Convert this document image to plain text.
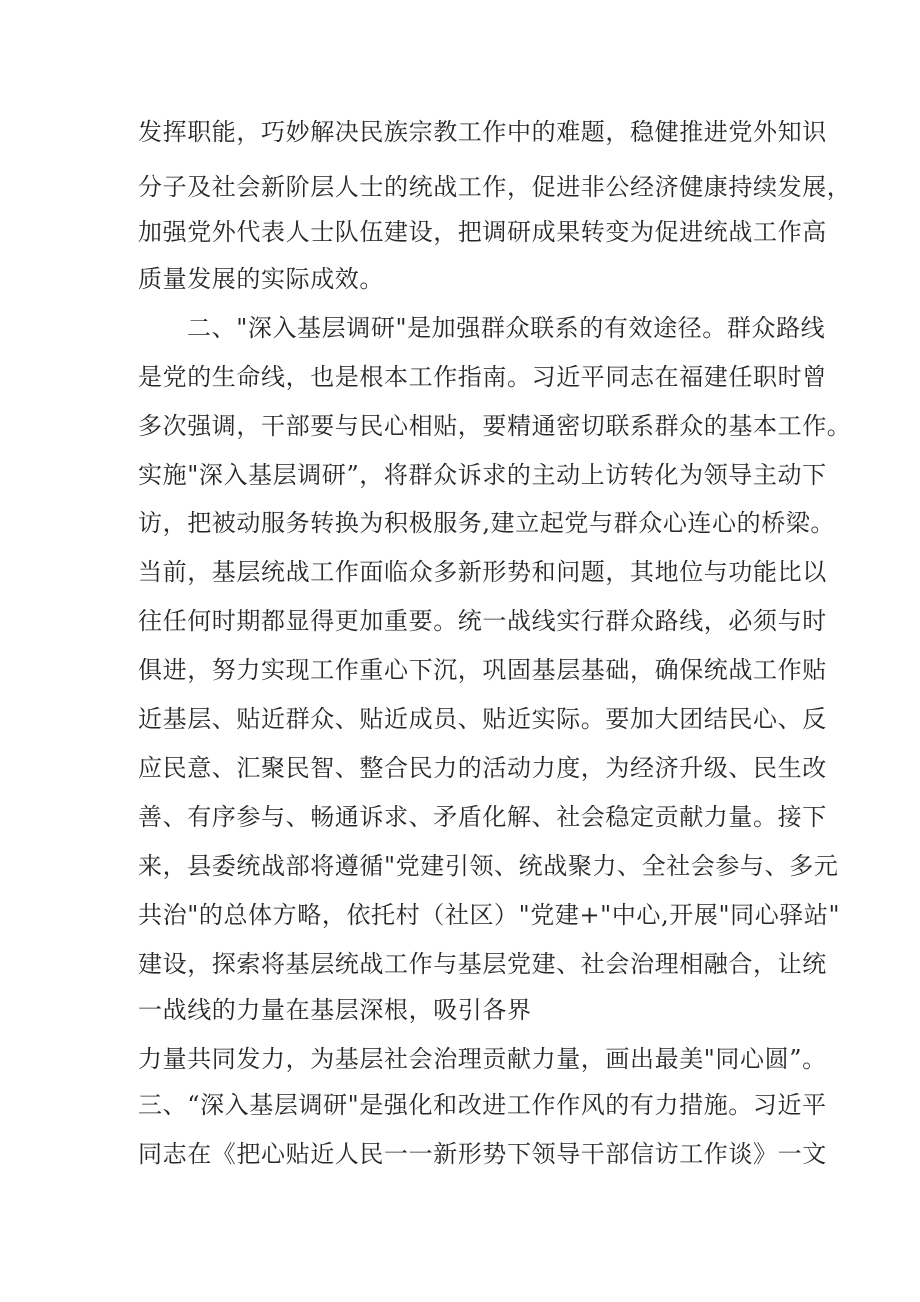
发挥职能，巧妙解决民族宗教工作中的难题，稳健推进党外知识
分子及社会新阶层人士的统战工作，促进非公经济健康持续发展，
加强党外代表人士队伍建设，把调研成果转变为促进统战工作高
质量发展的实际成效。
二、"深入基层调研"是加强群众联系的有效途径。群众路线
是党的生命线，也是根本工作指南。习近平同志在福建任职时曾
多次强调，干部要与民心相贴，要精通密切联系群众的基本工作。
实施"深入基层调研”，将群众诉求的主动上访转化为领导主动下
访，把被动服务转换为积极服务,建立起党与群众心连心的桥梁。
当前，基层统战工作面临众多新形势和问题，其地位与功能比以
往任何时期都显得更加重要。统一战线实行群众路线，必须与时
俱进，努力实现工作重心下沉，巩固基层基础，确保统战工作贴
近基层、贴近群众、贴近成员、贴近实际。要加大团结民心、反
应民意、汇聚民智、整合民力的活动力度，为经济升级、民生改
善、有序参与、畅通诉求、矛盾化解、社会稳定贡献力量。接下
来，县委统战部将遵循"党建引领、统战聚力、全社会参与、多元
共治"的总体方略，依托村（社区）"党建+"中心,开展"同心驿站"
建设，探索将基层统战工作与基层党建、社会治理相融合，让统
一战线的力量在基层深根，吸引各界
力量共同发力，为基层社会治理贡献力量，画出最美"同心圆”。
三、“深入基层调研"是强化和改进工作作风的有力措施。习近平
同志在《把心贴近人民一一新形势下领导干部信访工作谈》一文
